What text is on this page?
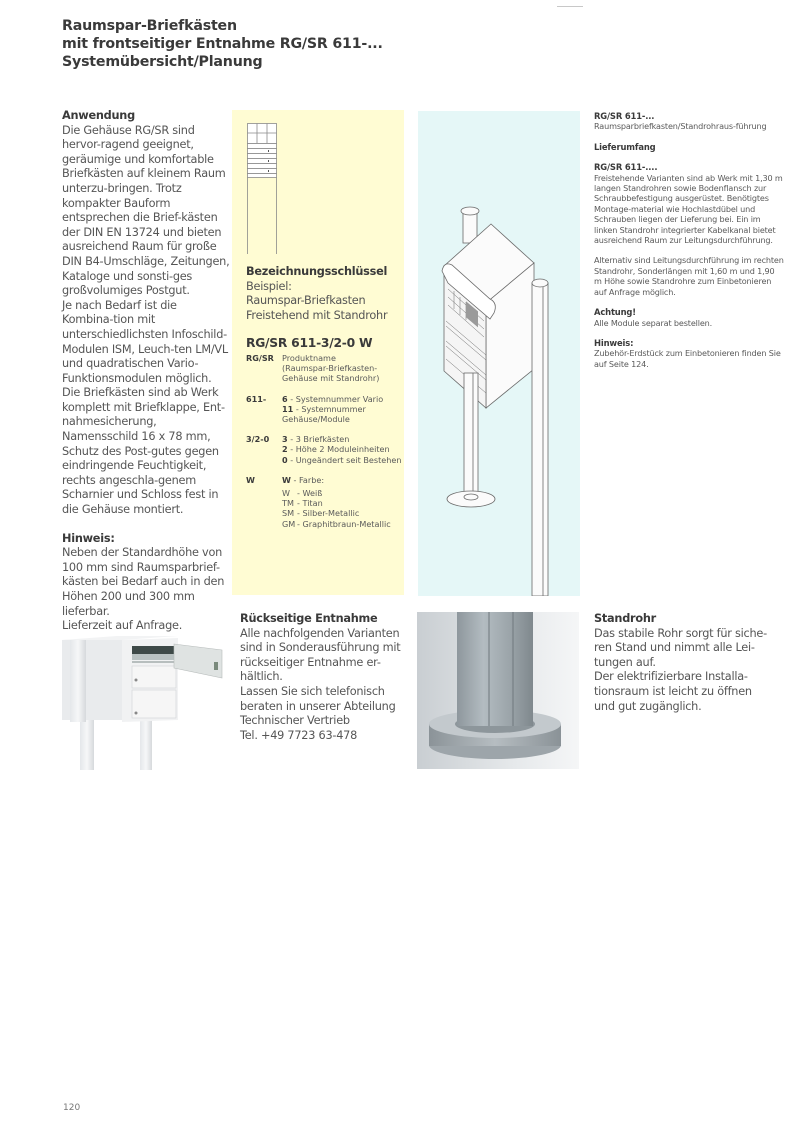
Raumspar-Briefkästen
mit frontseitiger Entnahme RG/SR 611-...
Systemübersicht/Planung

Anwendung

Die Gehäuse RG/SR sind hervor-ragend geeignet, geräumige und komfortable Briefkästen auf kleinem Raum unterzu-bringen. Trotz kompakter Bauform entsprechen die Brief-kästen der DIN EN 13724 und bieten ausreichend Raum für große DIN B4-Umschläge, Zeitungen, Kataloge und sonsti-ges großvolumiges Postgut.

Je nach Bedarf ist die Kombina-tion mit unterschiedlichsten Infoschild-Modulen ISM, Leuch-ten LM/VL und quadratischen Vario-Funktionsmodulen möglich.

Die Briefkästen sind ab Werk komplett mit Briefklappe, Ent-nahmesicherung, Namensschild 16 x 78 mm, Schutz des Post-gutes gegen eindringende Feuchtigkeit, rechts angeschla-genem Scharnier und Schloss fest in die Gehäuse montiert.

Hinweis:

Neben der Standardhöhe von 100 mm sind Raumsparbrief-kästen bei Bedarf auch in den Höhen 200 und 300 mm lieferbar.

Lieferzeit auf Anfrage.

Bezeichnungsschlüssel

Beispiel:

Raumspar-Briefkasten

Freistehend mit Standrohr

RG/SR 611-3/2-0 W

RG/SR Produktname
(Raumspar-Briefkasten-
Gehäuse mit Standrohr)
611-	6 - Systemnummer Vario
11 - Systemnummer
Gehäuse/Module
3/2-0	3 - 3 Briefkästen
2 - Höhe 2 Moduleinheiten
0 - Ungeändert seit Bestehen
W	W - Farbe:
W - Weiß
TM - Titan
SM - Silber-Metallic
GM - Graphitbraun-Metallic

RG/SR 611-...

Raumsparbriefkasten/Standrohraus-führung

Lieferumfang

RG/SR 611-....

Freistehende Varianten sind ab Werk mit 1,30 m langen Standrohren sowie Bodenflansch zur Schraubbefestigung ausgerüstet. Benötigtes Montage-material wie Hochlastdübel und Schrauben liegen der Lieferung bei. Ein im linken Standrohr integrierter Kabelkanal bietet ausreichend Raum zur Leitungsdurchführung.

Alternativ sind Leitungsdurchführung im rechten Standrohr, Sonderlängen mit 1,60 m und 1,90 m Höhe sowie Standrohre zum Einbetonieren auf Anfrage möglich.

Achtung!

Alle Module separat bestellen.

Hinweis:

Zubehör-Erdstück zum Einbetonieren finden Sie auf Seite 124.

Rückseitige Entnahme

Alle nachfolgenden Varianten sind in Sonderausführung mit rückseitiger Entnahme er-hältlich.

Lassen Sie sich telefonisch beraten in unserer Abteilung Technischer Vertrieb

Tel. +49 7723 63-478

Standrohr

Das stabile Rohr sorgt für siche-ren Stand und nimmt alle Lei-tungen auf.

Der elektrifizierbare Installa-tionsraum ist leicht zu öffnen und gut zugänglich.

120
